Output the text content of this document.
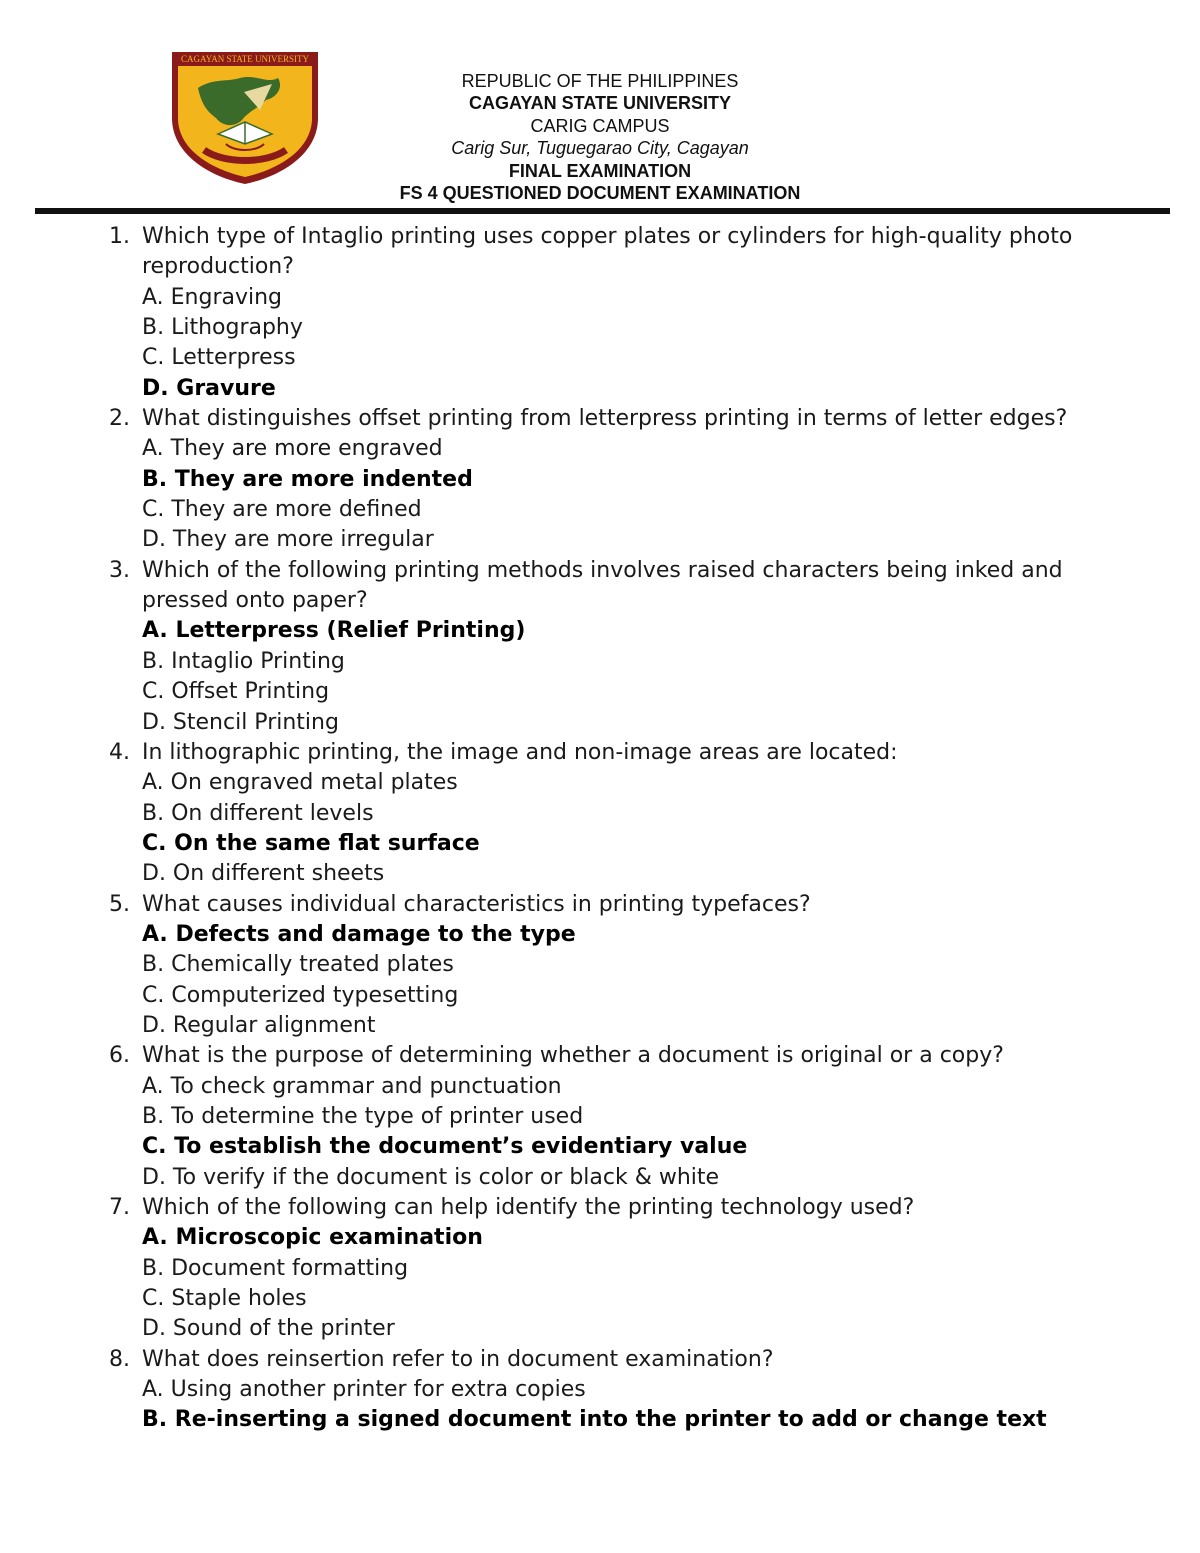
CAGAYAN STATE UNIVERSITY
REPUBLIC OF THE PHILIPPINES
CAGAYAN STATE UNIVERSITY
CARIG CAMPUS
Carig Sur, Tuguegarao City, Cagayan
FINAL EXAMINATION
FS 4 QUESTIONED DOCUMENT EXAMINATION
1. Which type of Intaglio printing uses copper plates or cylinders for high-quality photo reproduction?
A. Engraving
B. Lithography
C. Letterpress
D. Gravure
2. What distinguishes offset printing from letterpress printing in terms of letter edges?
A. They are more engraved
B. They are more indented
C. They are more defined
D. They are more irregular
3. Which of the following printing methods involves raised characters being inked and pressed onto paper?
A. Letterpress (Relief Printing)
B. Intaglio Printing
C. Offset Printing
D. Stencil Printing
4. In lithographic printing, the image and non-image areas are located:
A. On engraved metal plates
B. On different levels
C. On the same flat surface
D. On different sheets
5. What causes individual characteristics in printing typefaces?
A. Defects and damage to the type
B. Chemically treated plates
C. Computerized typesetting
D. Regular alignment
6. What is the purpose of determining whether a document is original or a copy?
A. To check grammar and punctuation
B. To determine the type of printer used
C. To establish the document’s evidentiary value
D. To verify if the document is color or black & white
7. Which of the following can help identify the printing technology used?
A. Microscopic examination
B. Document formatting
C. Staple holes
D. Sound of the printer
8. What does reinsertion refer to in document examination?
A. Using another printer for extra copies
B. Re-inserting a signed document into the printer to add or change text
